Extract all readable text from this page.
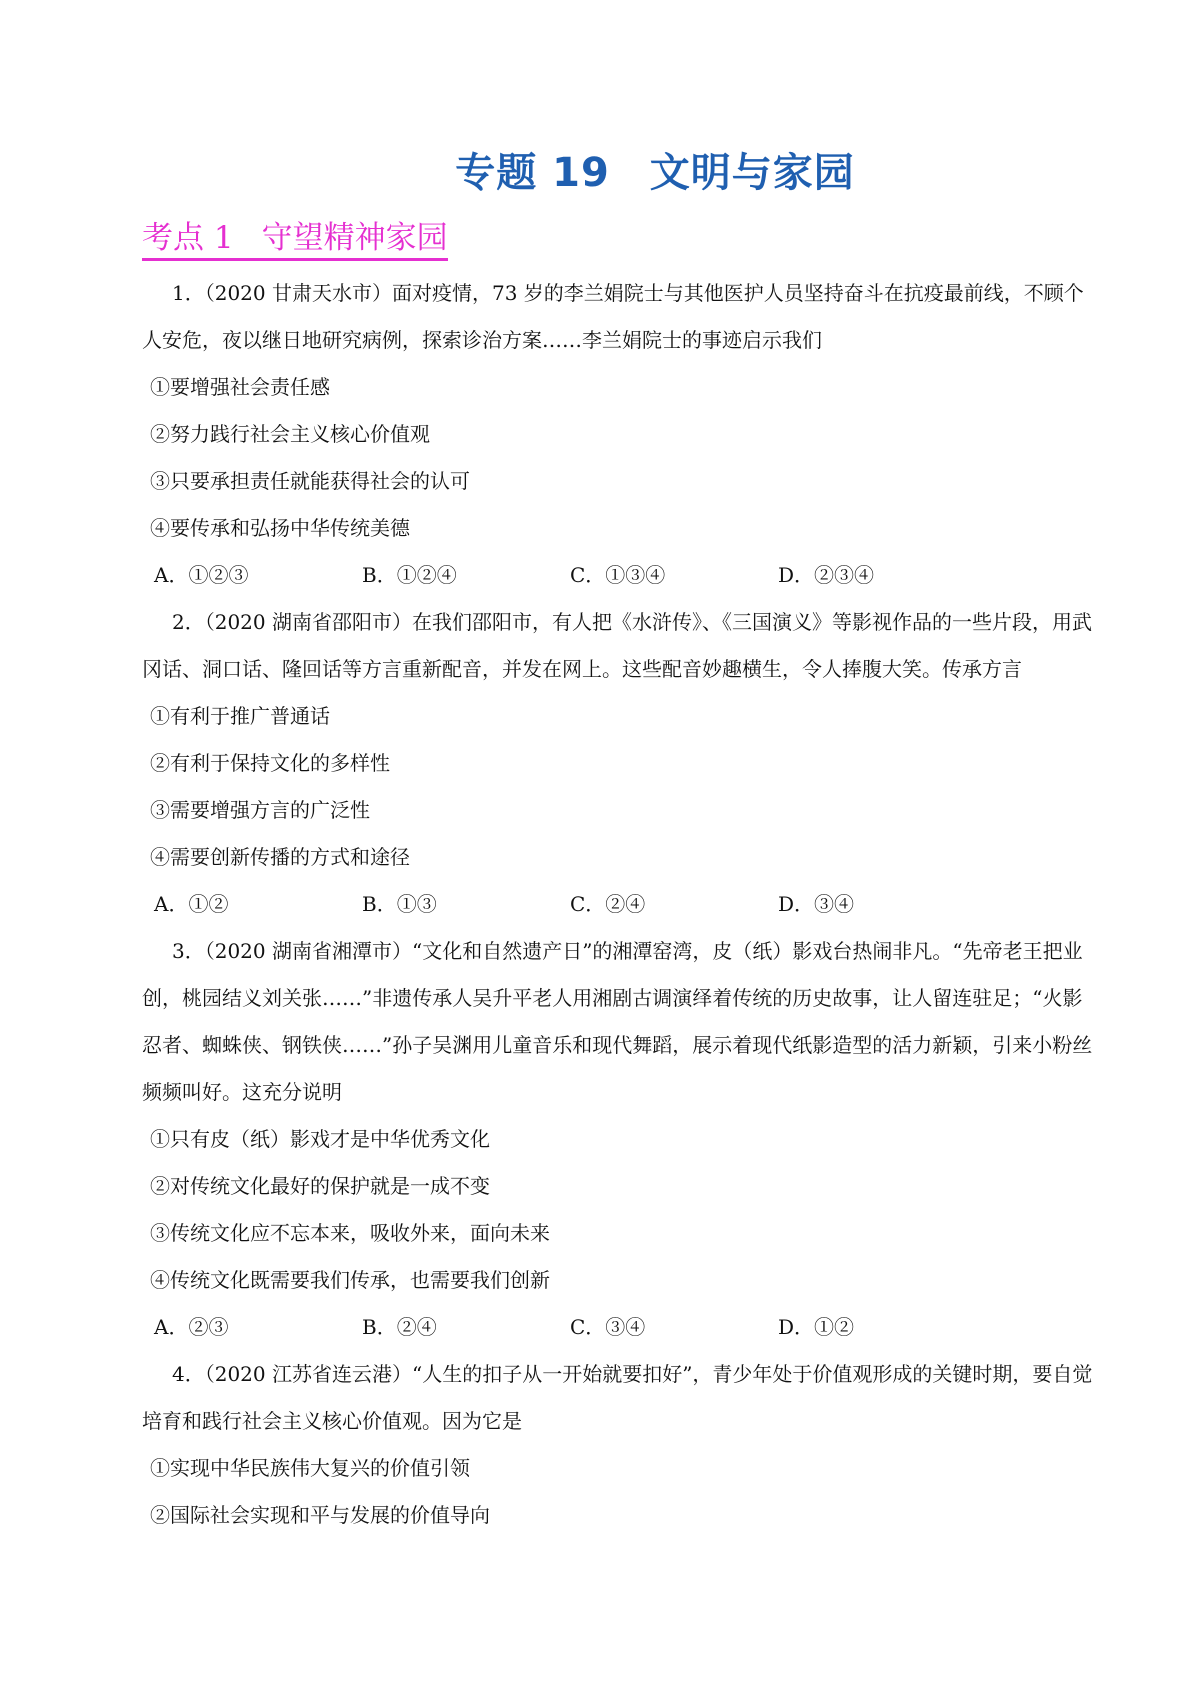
专题 19 文明与家园
考点 1 守望精神家园

1．（2020 甘肃天水市）面对疫情，73 岁的李兰娟院士与其他医护人员坚持奋斗在抗疫最前线，不顾个人安危，夜以继日地研究病例，探索诊治方案……李兰娟院士的事迹启示我们

①要增强社会责任感

②努力践行社会主义核心价值观

③只要承担责任就能获得社会的认可

④要传承和弘扬中华传统美德

A．①②③	B．①②④	C．①③④	D．②③④

2．（2020 湖南省邵阳市）在我们邵阳市，有人把《水浒传》、《三国演义》等影视作品的一些片段，用武冈话、洞口话、隆回话等方言重新配音，并发在网上。这些配音妙趣横生，令人捧腹大笑。传承方言

①有利于推广普通话

②有利于保持文化的多样性

③需要增强方言的广泛性

④需要创新传播的方式和途径

A．①②	B．①③	C．②④	D．③④

3．（2020 湖南省湘潭市）“文化和自然遗产日”的湘潭窑湾，皮（纸）影戏台热闹非凡。“先帝老王把业创，桃园结义刘关张……”非遗传承人吴升平老人用湘剧古调演绎着传统的历史故事，让人留连驻足；“火影忍者、蜘蛛侠、钢铁侠……”孙子吴渊用儿童音乐和现代舞蹈，展示着现代纸影造型的活力新颖，引来小粉丝频频叫好。这充分说明

①只有皮（纸）影戏才是中华优秀文化

②对传统文化最好的保护就是一成不变

③传统文化应不忘本来，吸收外来，面向未来

④传统文化既需要我们传承，也需要我们创新

A．②③	B．②④	C．③④	D．①②

4．（2020 江苏省连云港）“人生的扣子从一开始就要扣好”，青少年处于价值观形成的关键时期，要自觉培育和践行社会主义核心价值观。因为它是

①实现中华民族伟大复兴的价值引领

②国际社会实现和平与发展的价值导向
